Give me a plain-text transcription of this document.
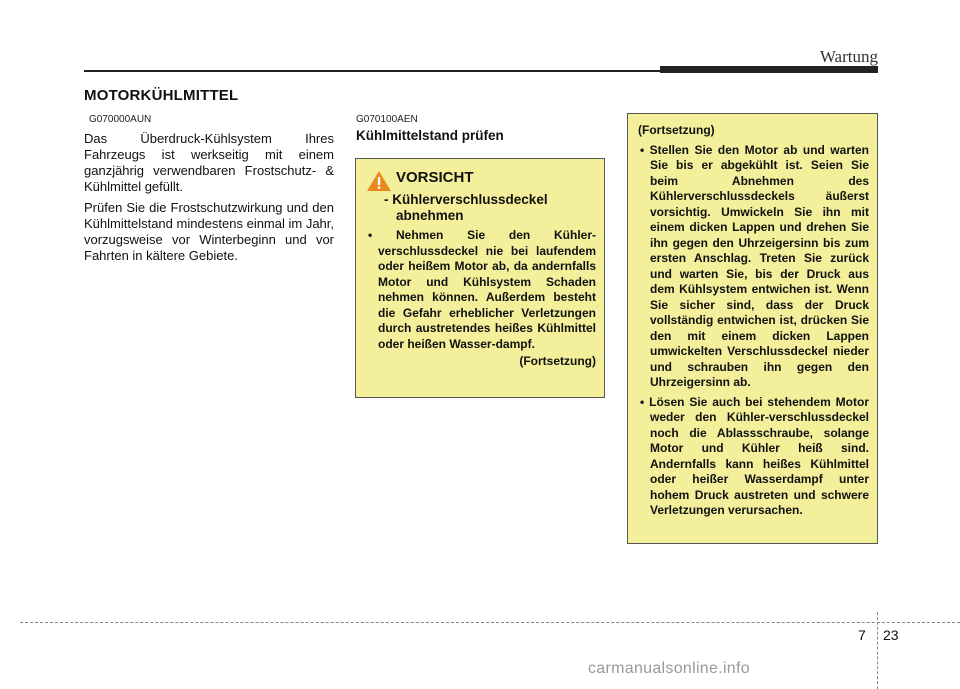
Wartung
MOTORKÜHLMITTEL
G070000AUN

Das Überdruck-Kühlsystem Ihres Fahrzeugs ist werkseitig mit einem ganzjährig verwendbaren Frostschutz- & Kühlmittel gefüllt.

Prüfen Sie die Frostschutzwirkung und den Kühlmittelstand mindestens einmal im Jahr, vorzugsweise vor Winterbeginn und vor Fahrten in kältere Gebiete.

G070100AEN
Kühlmittelstand prüfen
VORSICHT
- Kühlerverschlussdeckel abnehmen
• Nehmen Sie den Kühler-verschlussdeckel nie bei laufendem oder heißem Motor ab, da andernfalls Motor und Kühlsystem Schaden nehmen können. Außerdem besteht die Gefahr erheblicher Verletzungen durch austretendes heißes Kühlmittel oder heißen Wasser-dampf.
(Fortsetzung)
(Fortsetzung)
• Stellen Sie den Motor ab und warten Sie bis er abgekühlt ist. Seien Sie beim Abnehmen des Kühlerverschlussdeckels äußerst vorsichtig. Umwickeln Sie ihn mit einem dicken Lappen und drehen Sie ihn gegen den Uhrzeigersinn bis zum ersten Anschlag. Treten Sie zurück und warten Sie, bis der Druck aus dem Kühlsystem entwichen ist. Wenn Sie sicher sind, dass der Druck vollständig entwichen ist, drücken Sie den mit einem dicken Lappen umwickelten Verschlussdeckel nieder und schrauben ihn gegen den Uhrzeigersinn ab.
• Lösen Sie auch bei stehendem Motor weder den Kühler-verschlussdeckel noch die Ablassschraube, solange Motor und Kühler heiß sind. Andernfalls kann heißes Kühlmittel oder heißer Wasserdampf unter hohem Druck austreten und schwere Verletzungen verursachen.
7 23
carmanualsonline.info
